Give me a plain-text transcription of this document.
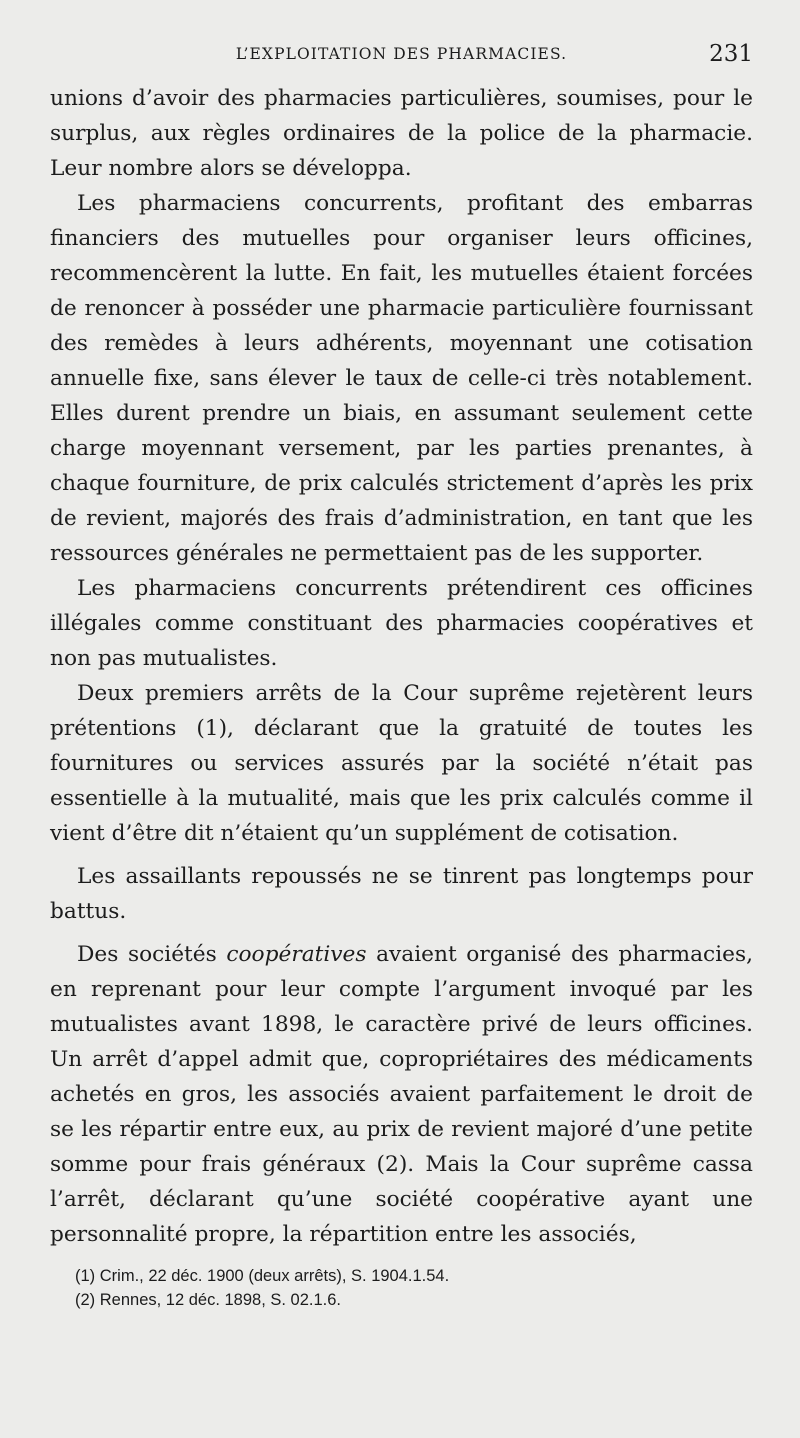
L’EXPLOITATION DES PHARMACIES.	231

unions d’avoir des pharmacies particulières, soumises, pour le surplus, aux règles ordinaires de la police de la pharmacie. Leur nombre alors se développa.

Les pharmaciens concurrents, profitant des embarras financiers des mutuelles pour organiser leurs officines, recommencèrent la lutte. En fait, les mutuelles étaient forcées de renoncer à posséder une pharmacie particulière fournissant des remèdes à leurs adhérents, moyennant une cotisation annuelle fixe, sans élever le taux de celle-ci très notablement. Elles durent prendre un biais, en assumant seulement cette charge moyennant versement, par les parties prenantes, à chaque fourniture, de prix calculés strictement d’après les prix de revient, majorés des frais d’administration, en tant que les ressources générales ne permettaient pas de les supporter.

Les pharmaciens concurrents prétendirent ces officines illégales comme constituant des pharmacies coopératives et non pas mutualistes.

Deux premiers arrêts de la Cour suprême rejetèrent leurs prétentions (1), déclarant que la gratuité de toutes les fournitures ou services assurés par la société n’était pas essentielle à la mutualité, mais que les prix calculés comme il vient d’être dit n’étaient qu’un supplément de cotisation.

Les assaillants repoussés ne se tinrent pas longtemps pour battus.

Des sociétés coopératives avaient organisé des pharmacies, en reprenant pour leur compte l’argument invoqué par les mutualistes avant 1898, le caractère privé de leurs officines. Un arrêt d’appel admit que, copropriétaires des médicaments achetés en gros, les associés avaient parfaitement le droit de se les répartir entre eux, au prix de revient majoré d’une petite somme pour frais généraux (2). Mais la Cour suprême cassa l’arrêt, déclarant qu’une société coopérative ayant une personnalité propre, la répartition entre les associés,

(1) Crim., 22 déc. 1900 (deux arrêts), S. 1904.1.54.

(2) Rennes, 12 déc. 1898, S. 02.1.6.
